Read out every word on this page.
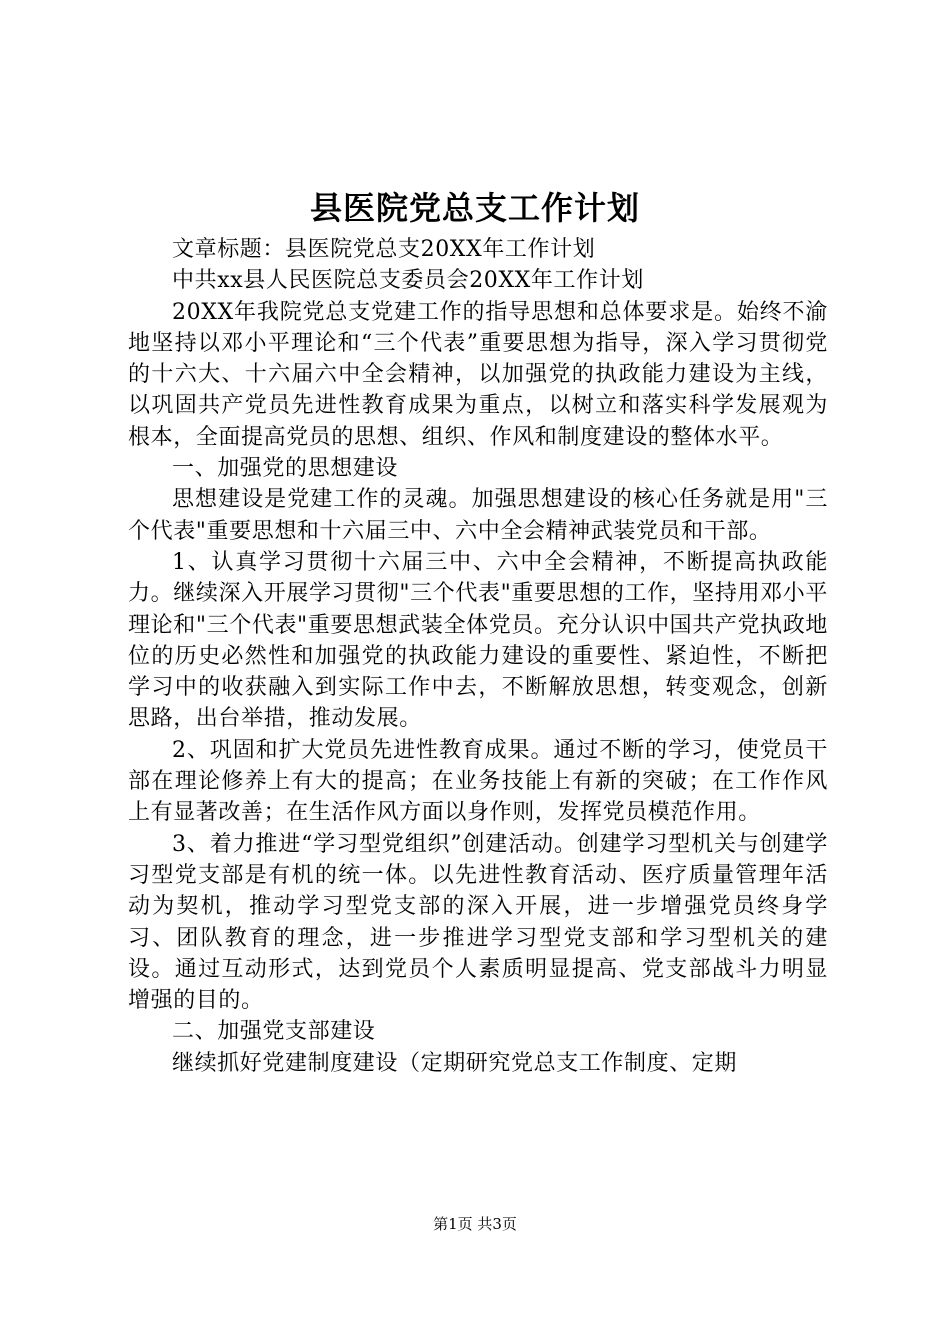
县医院党总支工作计划

文章标题：县医院党总支20XX年工作计划

中共xx县人民医院总支委员会20XX年工作计划

20XX年我院党总支党建工作的指导思想和总体要求是。始终不渝地坚持以邓小平理论和“三个代表”重要思想为指导，深入学习贯彻党的十六大、十六届六中全会精神，以加强党的执政能力建设为主线，以巩固共产党员先进性教育成果为重点，以树立和落实科学发展观为根本，全面提高党员的思想、组织、作风和制度建设的整体水平。

一、加强党的思想建设

思想建设是党建工作的灵魂。加强思想建设的核心任务就是用"三个代表"重要思想和十六届三中、六中全会精神武装党员和干部。

1、认真学习贯彻十六届三中、六中全会精神，不断提高执政能力。继续深入开展学习贯彻"三个代表"重要思想的工作，坚持用邓小平理论和"三个代表"重要思想武装全体党员。充分认识中国共产党执政地位的历史必然性和加强党的执政能力建设的重要性、紧迫性，不断把学习中的收获融入到实际工作中去，不断解放思想，转变观念，创新思路，出台举措，推动发展。

2、巩固和扩大党员先进性教育成果。通过不断的学习，使党员干部在理论修养上有大的提高；在业务技能上有新的突破；在工作作风上有显著改善；在生活作风方面以身作则，发挥党员模范作用。

3、着力推进“学习型党组织”创建活动。创建学习型机关与创建学习型党支部是有机的统一体。以先进性教育活动、医疗质量管理年活动为契机，推动学习型党支部的深入开展，进一步增强党员终身学习、团队教育的理念，进一步推进学习型党支部和学习型机关的建设。通过互动形式，达到党员个人素质明显提高、党支部战斗力明显增强的目的。

二、加强党支部建设

继续抓好党建制度建设（定期研究党总支工作制度、定期

第1页 共3页
